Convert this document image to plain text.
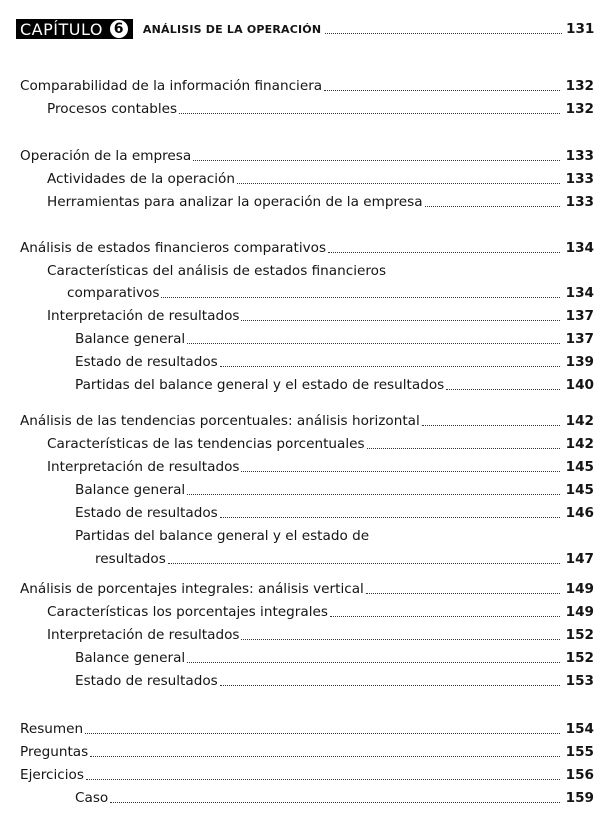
CAPÍTULO 6	ANÁLISIS DE LA OPERACIÓN	131
Comparabilidad de la información financiera	132
Procesos contables	132
Operación de la empresa	133
Actividades de la operación	133
Herramientas para analizar la operación de la empresa	133
Análisis de estados financieros comparativos	134
Características del análisis de estados financieros
comparativos	134
Interpretación de resultados	137
Balance general	137
Estado de resultados	139
Partidas del balance general y el estado de resultados	140
Análisis de las tendencias porcentuales: análisis horizontal	142
Características de las tendencias porcentuales	142
Interpretación de resultados	145
Balance general	145
Estado de resultados	146
Partidas del balance general y el estado de
resultados	147
Análisis de porcentajes integrales: análisis vertical	149
Características los porcentajes integrales	149
Interpretación de resultados	152
Balance general	152
Estado de resultados	153
Resumen	154
Preguntas	155
Ejercicios	156
Caso	159
